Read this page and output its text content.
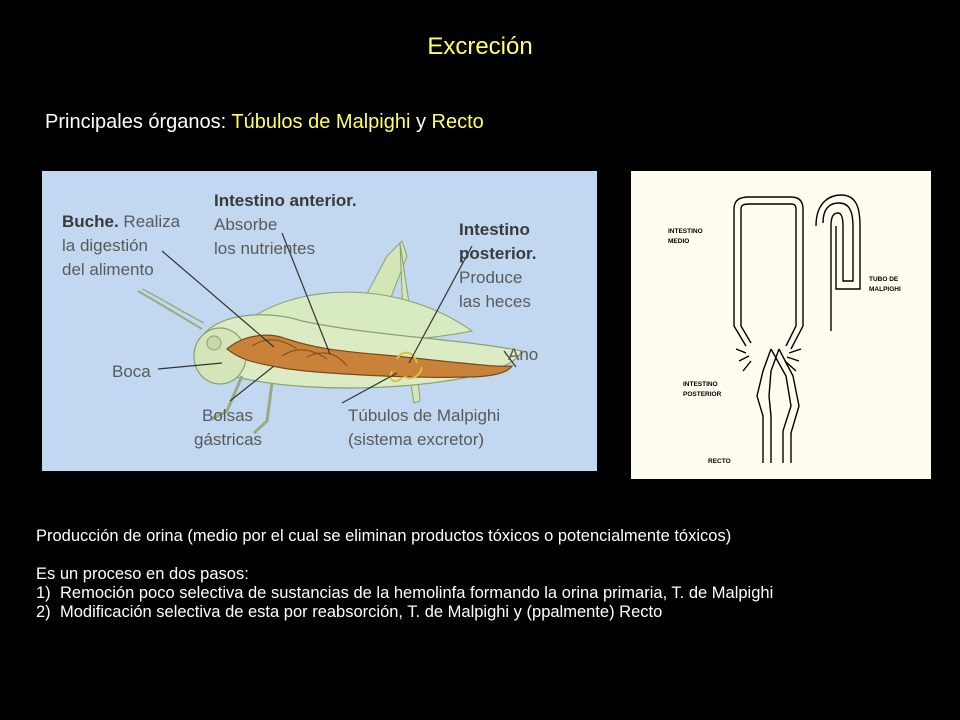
Excreción
Principales órganos: Túbulos de Malpighi y Recto
Buche. Realiza
la digestión
del alimento
Intestino anterior.
Absorbe
los nutrientes
Intestino
posterior.
Produce
las heces
Ano
Boca
Bolsas
gástricas
Túbulos de Malpighi
(sistema excretor)
INTESTINO
MEDIO
TUBO DE
MALPIGHI
INTESTINO
POSTERIOR
RECTO

Producción de orina (medio por el cual se eliminan productos tóxicos o potencialmente tóxicos)

Es un proceso en dos pasos:

1) Remoción poco selectiva de sustancias de la hemolinfa formando la orina primaria, T. de Malpighi
2) Modificación selectiva de esta por reabsorción, T. de Malpighi y (ppalmente) Recto
